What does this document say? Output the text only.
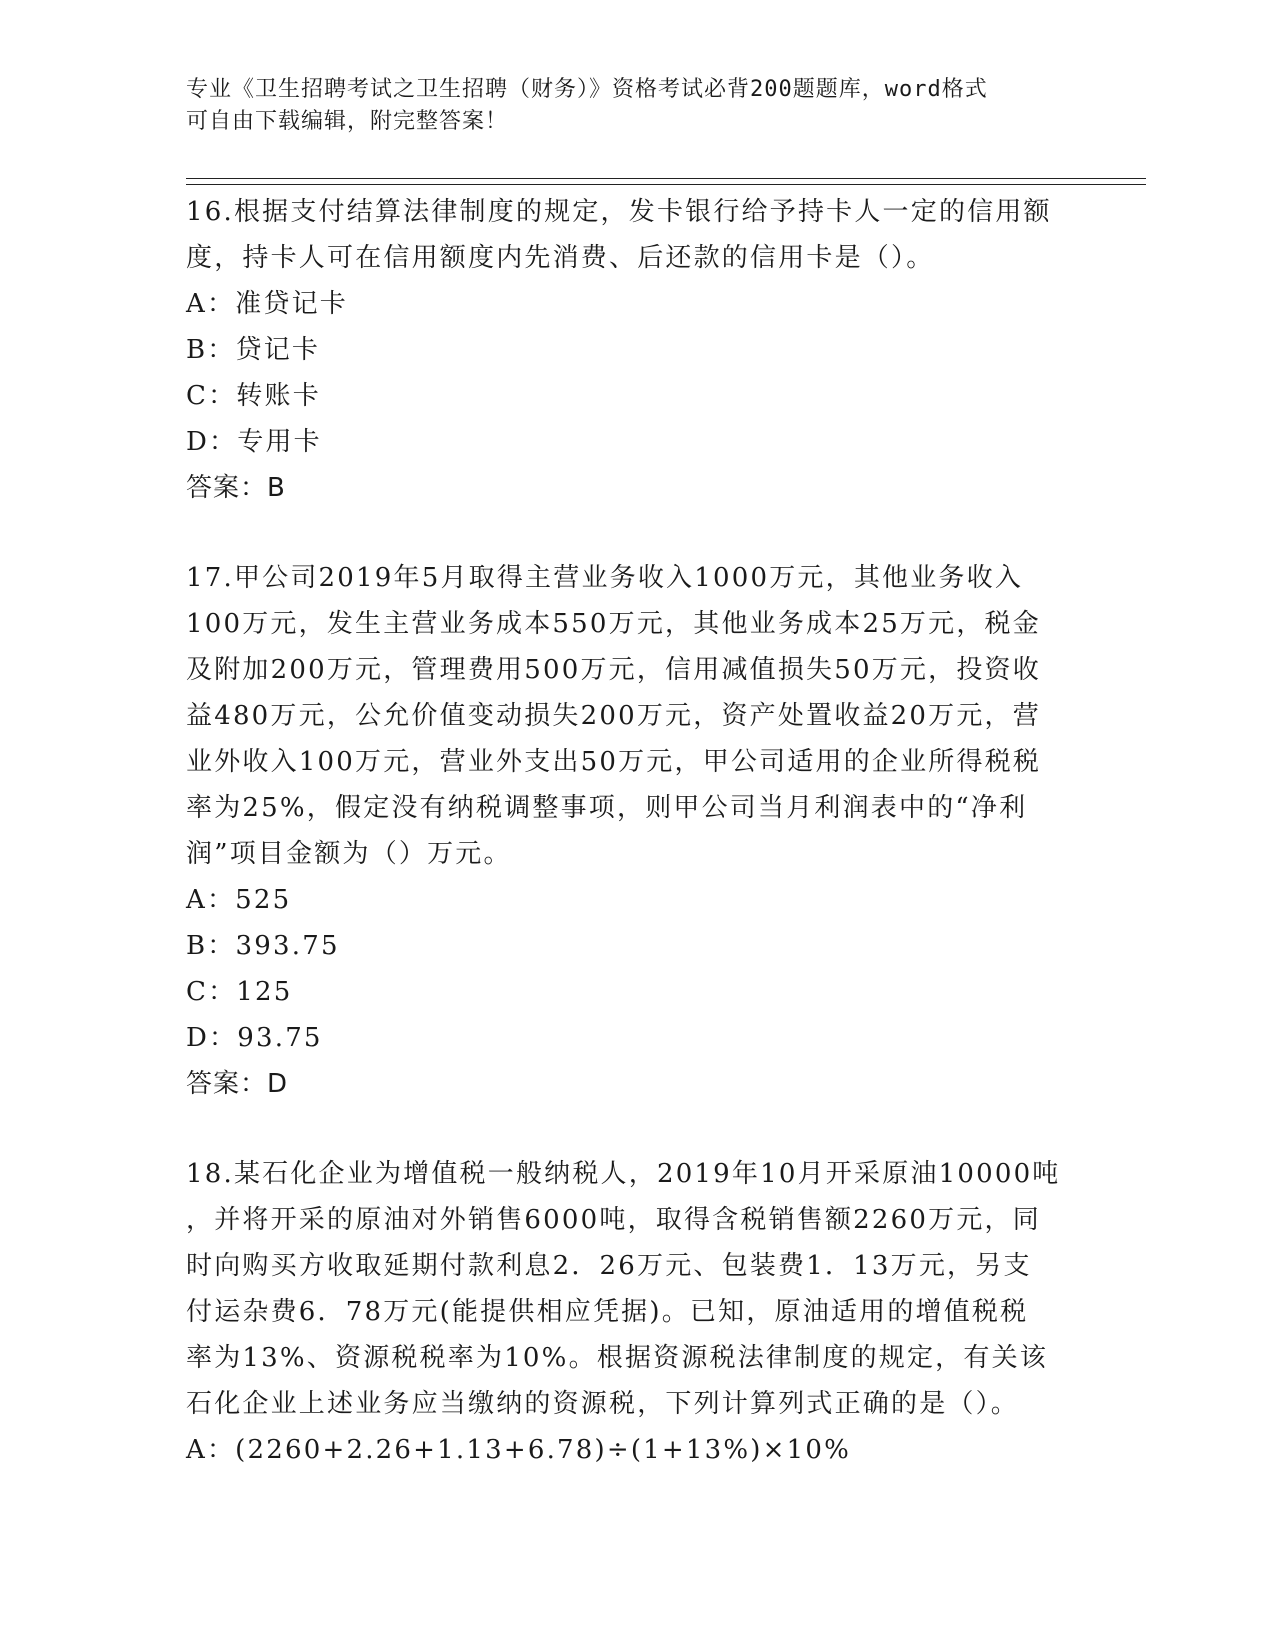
专业《卫生招聘考试之卫生招聘（财务）》资格考试必背200题题库，word格式
可自由下载编辑，附完整答案！

16.根据支付结算法律制度的规定，发卡银行给予持卡人一定的信用额

度，持卡人可在信用额度内先消费、后还款的信用卡是（）。

A：准贷记卡

B：贷记卡

C：转账卡

D：专用卡

答案：B

17.甲公司2019年5月取得主营业务收入1000万元，其他业务收入

100万元，发生主营业务成本550万元，其他业务成本25万元，税金

及附加200万元，管理费用500万元，信用减值损失50万元，投资收

益480万元，公允价值变动损失200万元，资产处置收益20万元，营

业外收入100万元，营业外支出50万元，甲公司适用的企业所得税税

率为25%，假定没有纳税调整事项，则甲公司当月利润表中的“净利

润”项目金额为（）万元。

A：525

B：393.75

C：125

D：93.75

答案：D

18.某石化企业为增值税一般纳税人，2019年10月开采原油10000吨

，并将开采的原油对外销售6000吨，取得含税销售额2260万元，同

时向购买方收取延期付款利息2．26万元、包装费1．13万元，另支

付运杂费6．78万元(能提供相应凭据)。已知，原油适用的增值税税

率为13%、资源税税率为10%。根据资源税法律制度的规定，有关该

石化企业上述业务应当缴纳的资源税，下列计算列式正确的是（）。

A：(2260+2.26+1.13+6.78)÷(1+13%)×10%
